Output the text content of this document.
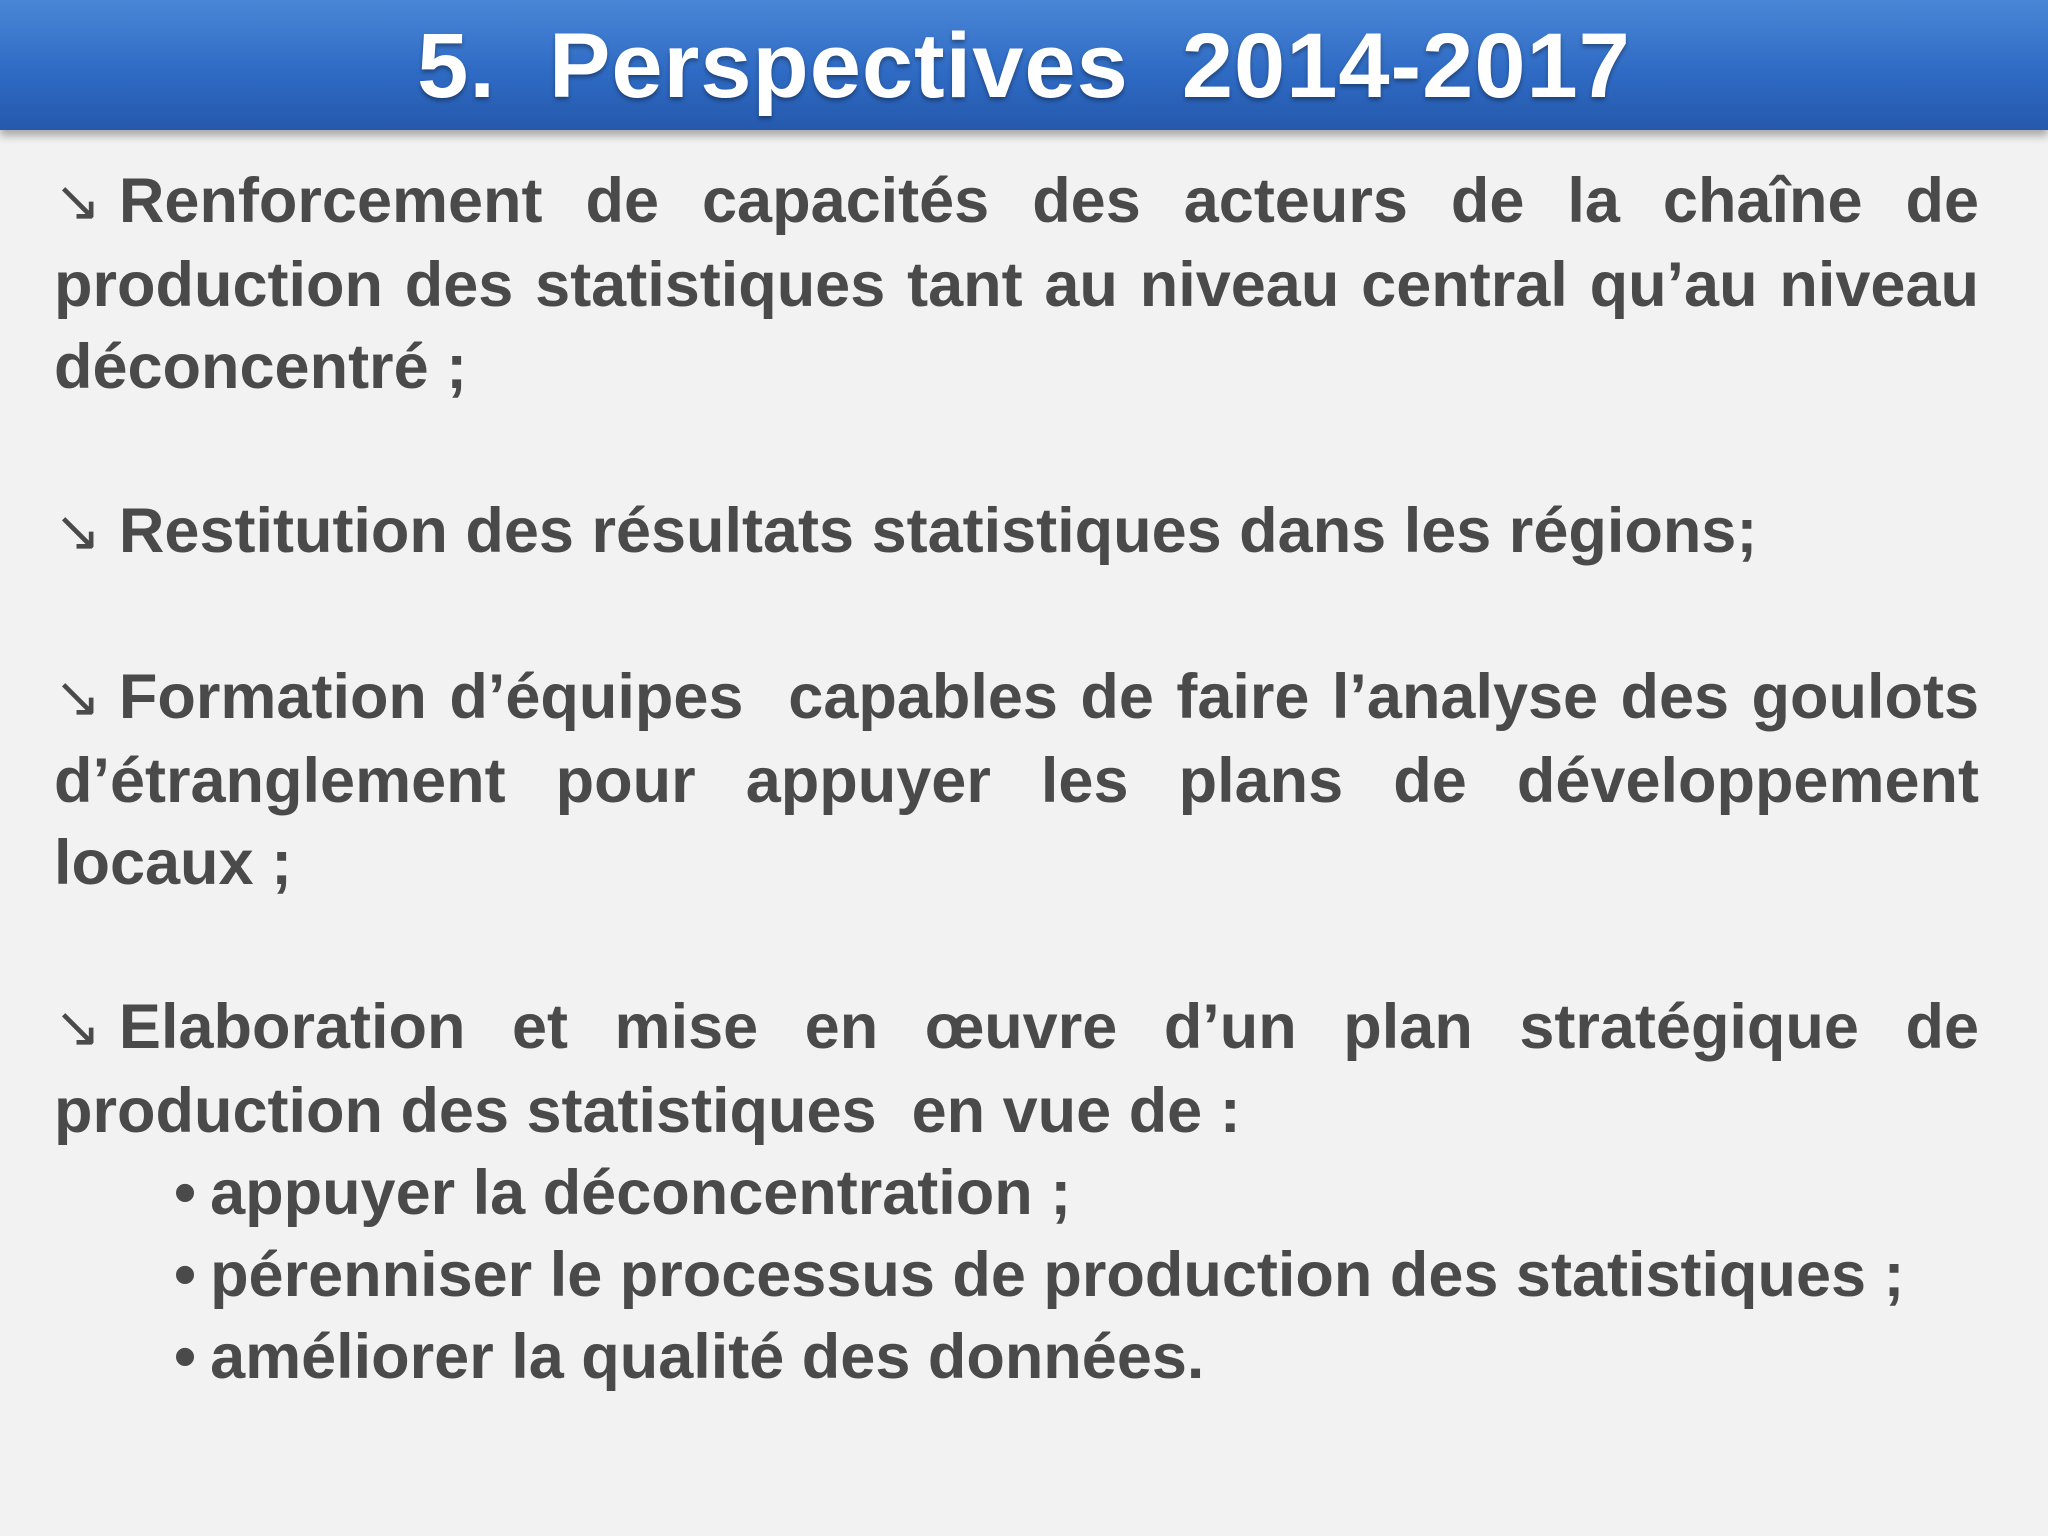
5.  Perspectives  2014-2017

↘ Renforcement de capacités des acteurs de la chaîne de production des statistiques tant au niveau central qu’au niveau déconcentré ;

↘ Restitution des résultats statistiques dans les régions;

↘ Formation d’équipes  capables de faire l’analyse des goulots d’étranglement pour appuyer les plans de développement locaux ;

↘ Elaboration et mise en œuvre d’un plan stratégique de production des statistiques  en vue de :

• appuyer la déconcentration ;
• pérenniser le processus de production des statistiques ;
• améliorer la qualité des données.
